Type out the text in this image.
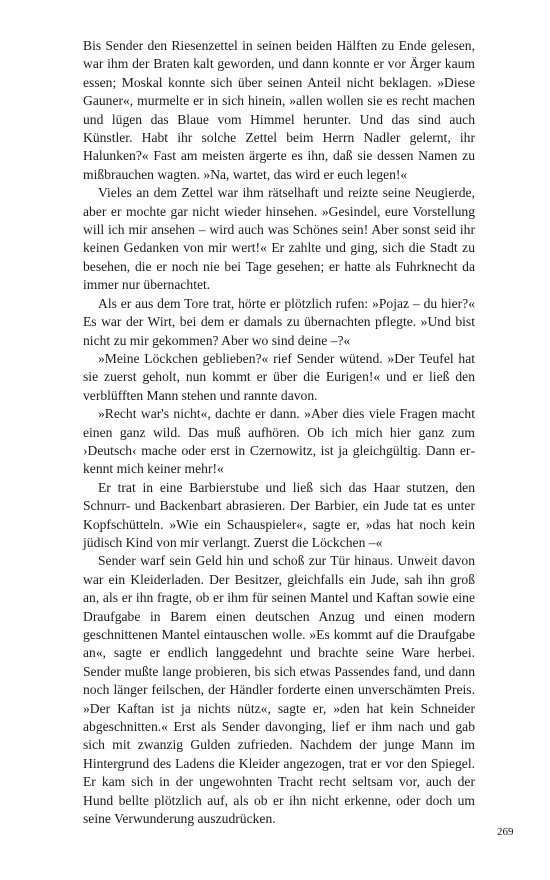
Bis Sender den Riesenzettel in seinen beiden Hälften zu Ende gelesen, war ihm der Braten kalt geworden, und dann konnte er vor Ärger kaum essen; Moskal konnte sich über seinen Anteil nicht beklagen. »Diese Gauner«, murmelte er in sich hinein, »allen wollen sie es recht machen und lügen das Blaue vom Himmel herunter. Und das sind auch Künstler. Habt ihr solche Zettel beim Herrn Nadler gelernt, ihr Halunken?« Fast am meisten ärgerte es ihn, daß sie dessen Namen zu mißbrauchen wagten. »Na, wartet, das wird er euch legen!«

Vieles an dem Zettel war ihm rätselhaft und reizte seine Neugierde, aber er mochte gar nicht wieder hinsehen. »Gesindel, eure Vorstellung will ich mir ansehen – wird auch was Schönes sein! Aber sonst seid ihr keinen Gedanken von mir wert!« Er zahlte und ging, sich die Stadt zu besehen, die er noch nie bei Tage gesehen; er hatte als Fuhrknecht da immer nur übernachtet.

Als er aus dem Tore trat, hörte er plötzlich rufen: »Pojaz – du hier?« Es war der Wirt, bei dem er damals zu übernachten pflegte. »Und bist nicht zu mir gekommen? Aber wo sind deine –?«

»Meine Löckchen geblieben?« rief Sender wütend. »Der Teufel hat sie zuerst geholt, nun kommt er über die Eurigen!« und er ließ den verblüfften Mann stehen und rannte davon.

»Recht war's nicht«, dachte er dann. »Aber dies viele Fragen macht einen ganz wild. Das muß aufhören. Ob ich mich hier ganz zum ›Deutsch‹ mache oder erst in Czernowitz, ist ja gleichgültig. Dann erkennt mich keiner mehr!«

Er trat in eine Barbierstube und ließ sich das Haar stutzen, den Schnurr- und Backenbart abrasieren. Der Barbier, ein Jude tat es unter Kopfschütteln. »Wie ein Schauspieler«, sagte er, »das hat noch kein jüdisch Kind von mir verlangt. Zuerst die Löckchen –«

Sender warf sein Geld hin und schoß zur Tür hinaus. Unweit davon war ein Kleiderladen. Der Besitzer, gleichfalls ein Jude, sah ihn groß an, als er ihn fragte, ob er ihm für seinen Mantel und Kaftan sowie eine Draufgabe in Barem einen deutschen Anzug und einen modern geschnittenen Mantel eintauschen wolle. »Es kommt auf die Draufgabe an«, sagte er endlich langgedehnt und brachte seine Ware herbei. Sender mußte lange probieren, bis sich etwas Passendes fand, und dann noch länger feilschen, der Händler forderte einen unverschämten Preis. »Der Kaftan ist ja nichts nütz«, sagte er, »den hat kein Schneider abgeschnitten.« Erst als Sender davonging, lief er ihm nach und gab sich mit zwanzig Gulden zufrieden. Nachdem der junge Mann im Hintergrund des Ladens die Kleider angezogen, trat er vor den Spiegel. Er kam sich in der ungewohnten Tracht recht seltsam vor, auch der Hund bellte plötzlich auf, als ob er ihn nicht erkenne, oder doch um seine Verwunderung auszudrücken.

269
